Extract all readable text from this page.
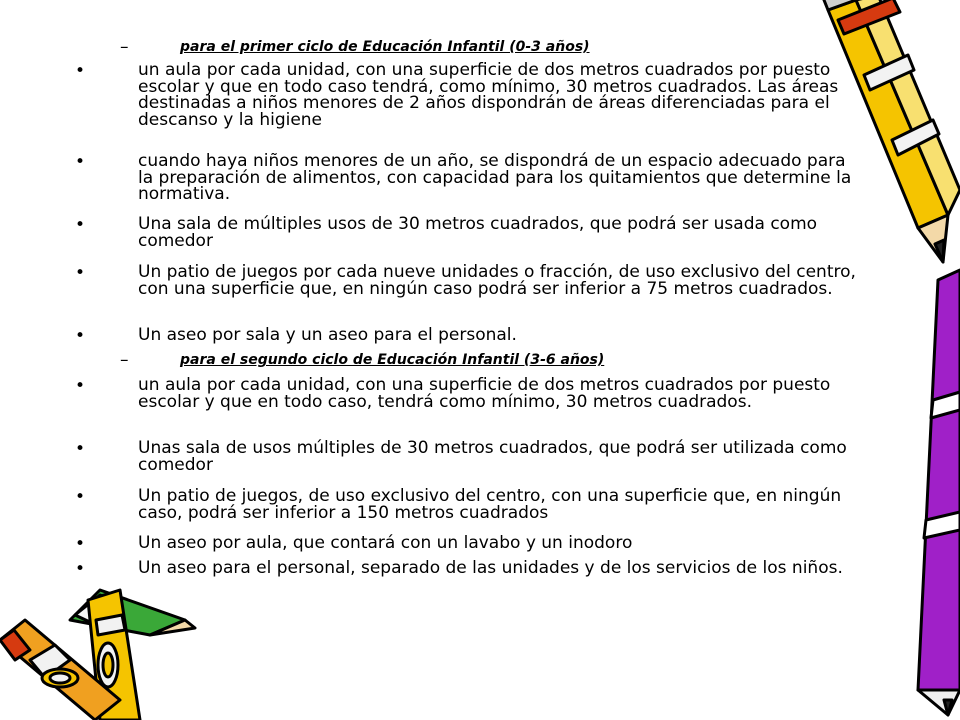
–	para el primer ciclo de Educación Infantil (0-3 años)
•	un aula por cada unidad, con una superficie de dos metros cuadrados por puesto escolar y que en todo caso tendrá, como mínimo, 30 metros cuadrados. Las áreas destinadas a niños menores de 2 años dispondrán de áreas diferenciadas para el descanso y la higiene
•	cuando haya niños menores de un año, se dispondrá de un espacio adecuado para la preparación de alimentos, con capacidad para los quitamientos que determine la normativa.
•	Una sala de múltiples usos de 30 metros cuadrados, que podrá ser usada como comedor
•	Un patio de juegos por cada nueve unidades o fracción, de uso exclusivo del centro, con una superficie que, en ningún caso podrá ser inferior a 75 metros cuadrados.
•	Un aseo por sala y un aseo para el personal.
–	para el segundo ciclo de Educación Infantil (3-6 años)
•	un aula por cada unidad, con una superficie de dos metros cuadrados por puesto escolar y que en todo caso, tendrá como mínimo, 30 metros cuadrados.
•	Unas sala de usos múltiples de 30 metros cuadrados, que podrá ser utilizada como comedor
•	Un patio de juegos, de uso exclusivo del centro, con una superficie que, en ningún caso, podrá ser inferior a 150 metros cuadrados
•	Un aseo por aula, que contará con un lavabo y un inodoro
•	Un aseo para el personal, separado de las unidades y de los servicios de los niños.
